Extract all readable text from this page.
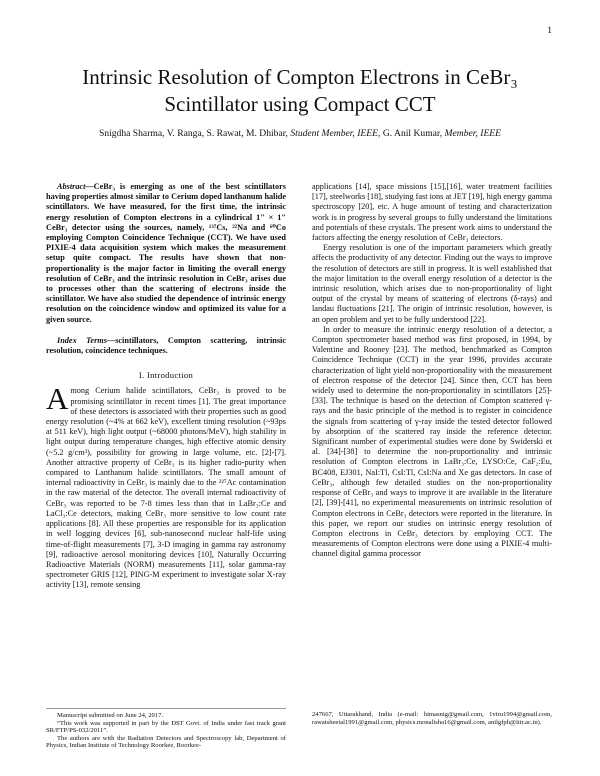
1
Intrinsic Resolution of Compton Electrons in CeBr₃ Scintillator using Compact CCT
Snigdha Sharma, V. Ranga, S. Rawat, M. Dhibar, Student Member, IEEE, G. Anil Kumar, Member, IEEE

Abstract—CeBr₃ is emerging as one of the best scintillators having properties almost similar to Cerium doped lanthanum halide scintillators. We have measured, for the first time, the intrinsic energy resolution of Compton electrons in a cylindrical 1" × 1" CeBr₃ detector using the sources, namely, ¹³⁷Cs, ²²Na and ⁶⁰Co employing Compton Coincidence Technique (CCT). We have used PIXIE-4 data acquisition system which makes the measurement setup quite compact. The results have shown that non-proportionality is the major factor in limiting the overall energy resolution of CeBr₃ and the intrinsic resolution in CeBr₃ arises due to processes other than the scattering of electrons inside the scintillator. We have also studied the dependence of intrinsic energy resolution on the coincidence window and optimized its value for a given source.

Index Terms—scintillators, Compton scattering, intrinsic resolution, coincidence techniques.

I. Introduction

Among Cerium halide scintillators, CeBr₃ is proved to be promising scintillator in recent times [1]. The great importance of these detectors is associated with their properties such as good energy resolution (~4% at 662 keV), excellent timing resolution (~93ps at 511 keV), high light output (~68000 photons/MeV), high stability in light output during temperature changes, high effective atomic density (~5.2 g/cm³), possibility for growing in large volume, etc. [2]-[7]. Another attractive property of CeBr₃ is its higher radio-purity when compared to Lanthanum halide scintillators. The small amount of internal radioactivity in CeBr₃ is mainly due to the ²²⁷Ac contamination in the raw material of the detector. The overall internal radioactivity of CeBr₃ was reported to be 7-8 times less than that in LaBr₃:Ce and LaCl₃:Ce detectors, making CeBr₃ more sensitive to low count rate applications [8]. All these properties are responsible for its application in well logging devices [6], sub-nanosecond nuclear half-life using time-of-flight measurements [7], 3-D imaging in gamma ray astronomy [9], radioactive aerosol monitoring devices [10], Naturally Occurring Radioactive Materials (NORM) measurements [11], solar gamma-ray spectrometer GRIS [12], PING-M experiment to investigate solar X-ray activity [13], remote sensing

applications [14], space missions [15],[16], water treatment facilities [17], steelworks [18], studying fast ions at JET [19], high energy gamma spectroscopy [20], etc. A huge amount of testing and characterization work is in progress by several groups to fully understand the limitations and potentials of these crystals. The present work aims to understand the factors affecting the energy resolution of CeBr₃ detectors.

Energy resolution is one of the important parameters which greatly affects the productivity of any detector. Finding out the ways to improve the resolution of detectors are still in progress. It is well established that the major limitation to the overall energy resolution of a detector is the intrinsic resolution, which arises due to non-proportionality of light output of the crystal by means of scattering of electrons (δ-rays) and landau fluctuations [21]. The origin of intrinsic resolution, however, is an open problem and yet to be fully understood [22].

In order to measure the intrinsic energy resolution of a detector, a Compton spectrometer based method was first proposed, in 1994, by Valentine and Rooney [23]. The method, benchmarked as Compton Coincidence Technique (CCT) in the year 1996, provides accurate characterization of light yield non-proportionality with the measurement of electron response of the detector [24]. Since then, CCT has been widely used to determine the non-proportionality in scintillators [25]-[33]. The technique is based on the detection of Compton scattered γ-rays and the basic principle of the method is to register in coincidence the signals from scattering of γ-ray inside the tested detector followed by absorption of the scattered ray inside the reference detector. Significant number of experimental studies were done by Swiderski et al. [34]-[38] to determine the non-proportionality and intrinsic resolution of Compton electrons in LaBr₃:Ce, LYSO:Ce, CaF₂:Eu, BC408, EJ301, NaI:Tl, CsI:Tl, CsI:Na and Xe gas detectors. In case of CeBr₃, although few detailed studies on the non-proportionality response of CeBr₃ and ways to improve it are available in the literature [2], [39]-[41], no experimental measurements on intrinsic resolution of Compton electrons in CeBr₃ detectors were reported in the literature. In this paper, we report our studies on intrinsic energy resolution of Compton electrons in CeBr₃ detectors by employing CCT. The measurements of Compton electrons were done using a PIXIE-4 multi-channel digital gamma processor

Manuscript submitted on June 24, 2017.

“This work was supported in part by the DST Govt. of India under fast track grant SR/FTP/PS-032/2011”.

The authors are with the Radiation Detectors and Spectroscopy lab, Department of Physics, Indian Institute of Technology Roorkee, Roorkee-

247667, Uttarakhand, India (e-mail: himasnig@gmail.com, 1viru1994@gmail.com, rawatsheetal1991@gmail.com, physics.monalisha16@gmail.com, anilgfph@iitr.ac.in).
